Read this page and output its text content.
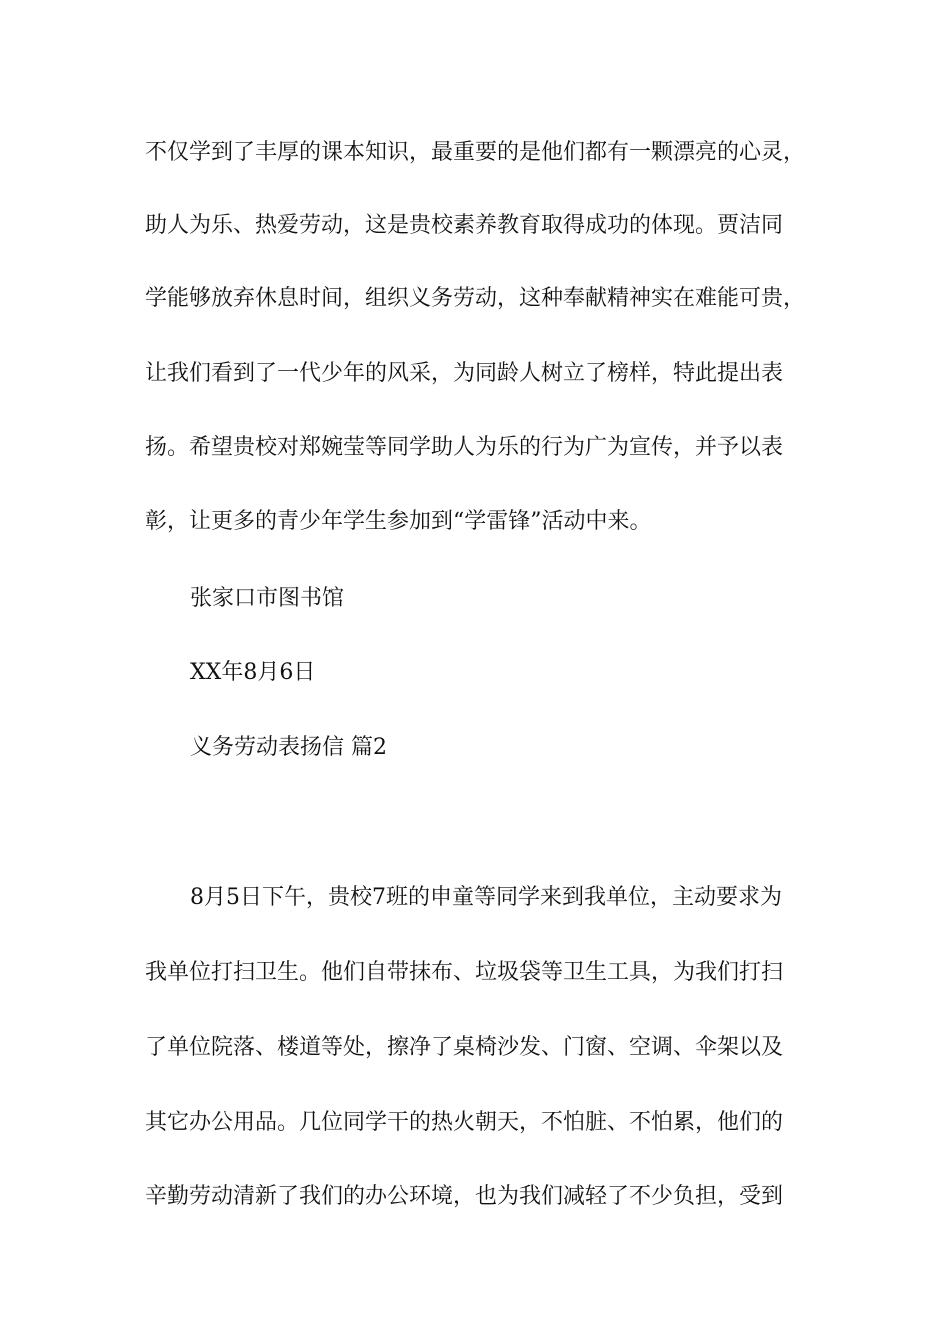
不仅学到了丰厚的课本知识，最重要的是他们都有一颗漂亮的心灵，
助人为乐、热爱劳动，这是贵校素养教育取得成功的体现。贾洁同
学能够放弃休息时间，组织义务劳动，这种奉献精神实在难能可贵，
让我们看到了一代少年的风采，为同龄人树立了榜样，特此提出表
扬。希望贵校对郑婉莹等同学助人为乐的行为广为宣传，并予以表
彰，让更多的青少年学生参加到“学雷锋”活动中来。
张家口市图书馆
XX年8月6日
义务劳动表扬信 篇2
8月5日下午，贵校7班的申童等同学来到我单位，主动要求为
我单位打扫卫生。他们自带抹布、垃圾袋等卫生工具，为我们打扫
了单位院落、楼道等处，擦净了桌椅沙发、门窗、空调、伞架以及
其它办公用品。几位同学干的热火朝天，不怕脏、不怕累，他们的
辛勤劳动清新了我们的办公环境，也为我们减轻了不少负担，受到
